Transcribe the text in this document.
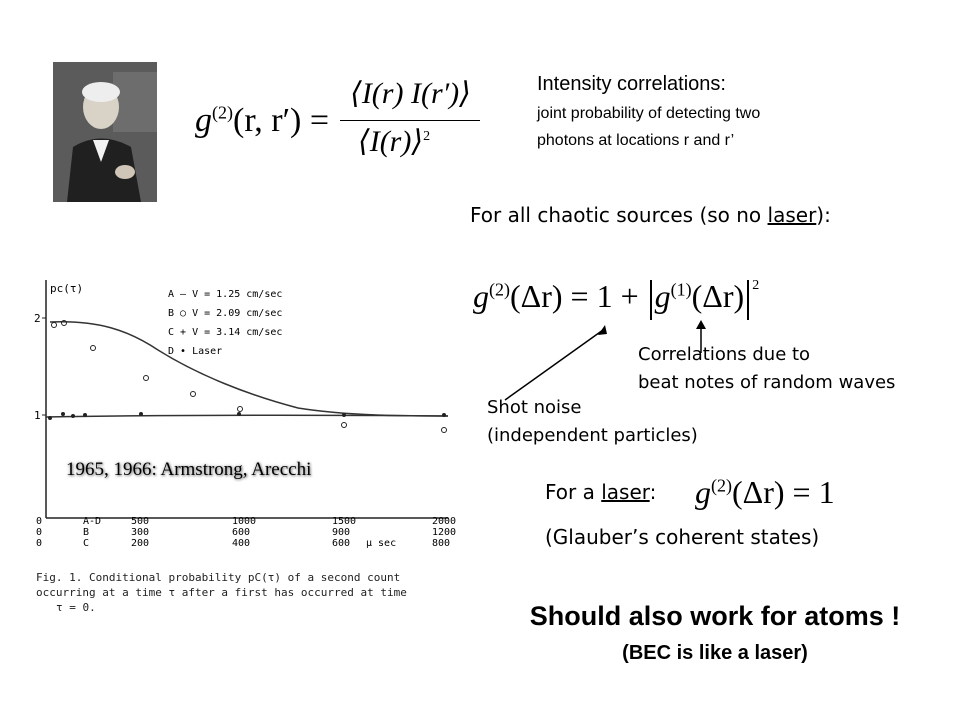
$g^{(2)}(r$, r′) =
⟨I(r) I(r′)⟩
⟨I(r)⟩$^2$
Intensity correlations:
joint probability of detecting two
photons at locations r and r’
For all chaotic sources (so no laser):
$g^{(2)}(\Delta r) = 1 + g^{(1)}(\Delta r)$ $^2$
Correlations due to
beat notes of random waves
Shot noise
(independent particles)
For a laser: $g^{(2)}(\Delta r) = 1$
(Glauber’s coherent states)
Should also work for atoms !
(BEC is like a laser)
pc(τ)
2
1
A – V = 1.25 cm/sec
B ○ V = 2.09 cm/sec
C + V = 3.14 cm/sec
D • Laser
1965, 1966: Armstrong, Arecchi
0
0
0
A-D
B
C
500
300
200
1000
600
400
1500
900
600
2000
1200
800
µ sec
Fig. 1. Conditional probability pC(τ) of a second count
occurring at a time τ after a first has occurred at time
τ = 0.
